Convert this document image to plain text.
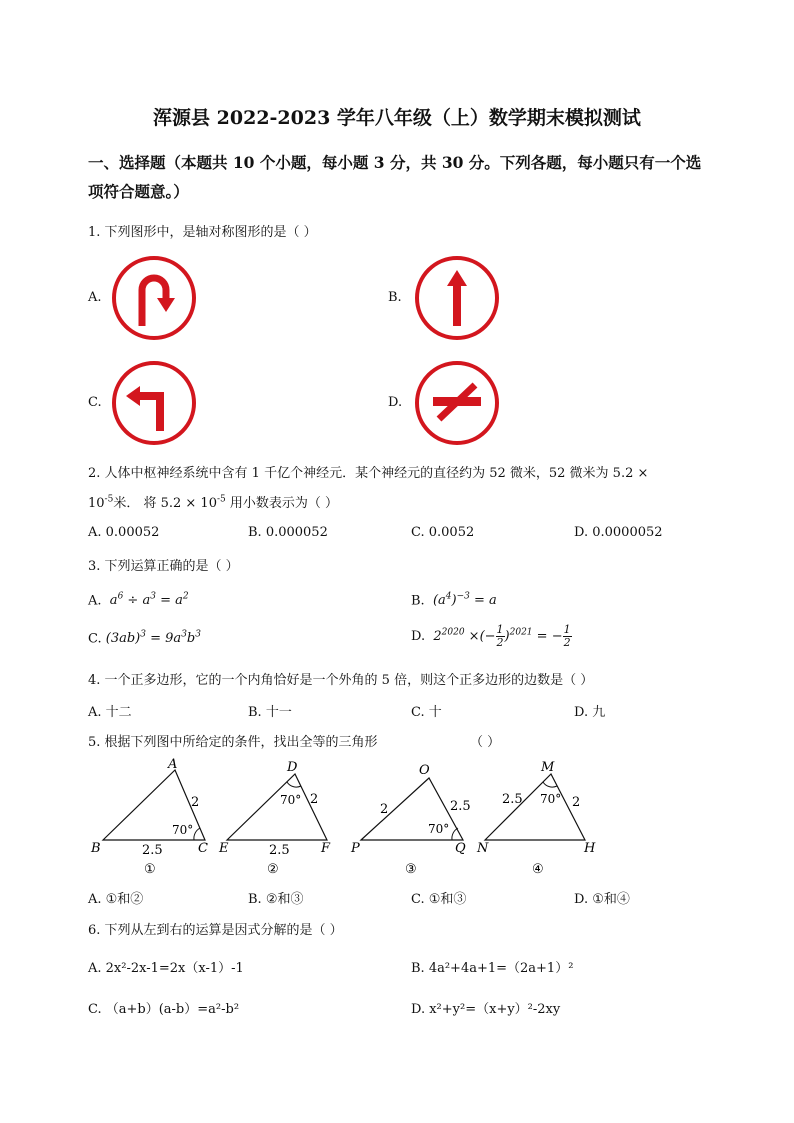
浑源县 2022-2023 学年八年级（上）数学期末模拟测试
一、选择题（本题共 10 个小题，每小题 3 分，共 30 分。下列各题，每小题只有一个选
项符合题意。）
1. 下列图形中，是轴对称图形的是（ ）
A.	B.
C.	D.
2. 人体中枢神经系统中含有 1 千亿个神经元．某个神经元的直径约为 52 微米，52 微米为 5.2 ×
$10^{-5}$米． 将 $5.2 \times 10^{-5}$ 用小数表示为（ ）
A. 0.00052	B. 0.000052	C. 0.0052	D. 0.0000052
3. 下列运算正确的是（ ）
A. $a^6 \div a^3 = a^2$	B. $(a^4)^{-3} = a$
C. $(3ab)^3 = 9a^3b^3$	D. $2^{2020}$ ×(− $\frac{1}{2} )^{2021}$ = − $\frac{1}{2}$
4. 一个正多边形，它的一个内角恰好是一个外角的 5 倍，则这个正多边形的边数是（ ）
A. 十二	B. 十一	C. 十	D. 九
5. 根据下列图中所给定的条件，找出全等的三角形	（ ）
A
B	C
2
2.5
70°
①
D
E	F
2
2.5
70°
②
O
P	Q
2	2.5
70°
③
M
N	H
2.5	2
70°
④
A. ①和②	B. ②和③	C. ①和③	D. ①和④
6. 下列从左到右的运算是因式分解的是（ ）
A. 2x²-2x-1=2x（x-1）-1	B. 4a²+4a+1=（2a+1）²
C. （a+b）(a-b）=a²-b²	D. x²+y²=（x+y）²-2xy
